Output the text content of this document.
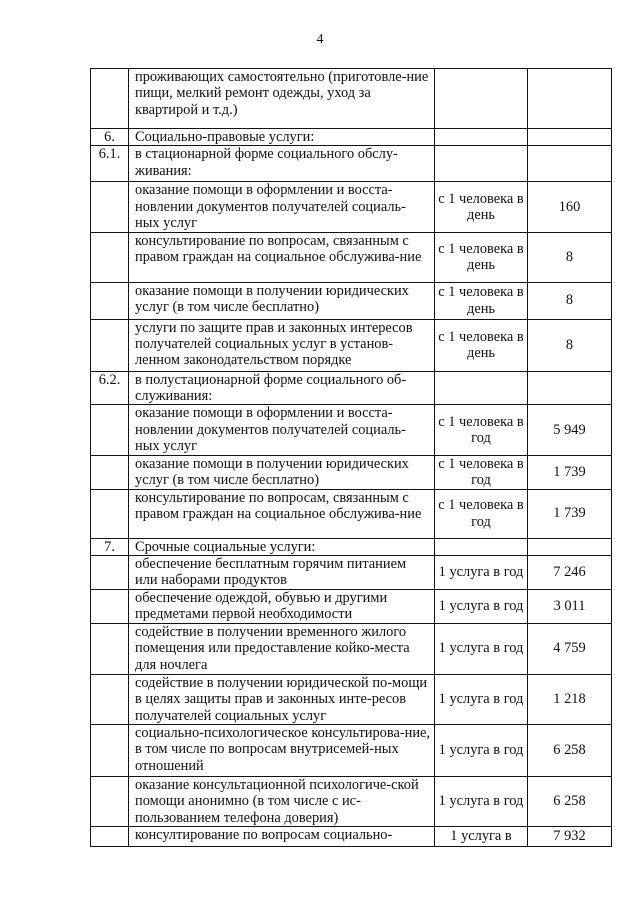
4
	проживающих самостоятельно (приготовле-ние пищи, мелкий ремонт одежды, уход за квартирой и т.д.)		
6.	Социально-правовые услуги:		
6.1.	в стационарной форме социального обслу-живания:		
	оказание помощи в оформлении и восста-новлении документов получателей социаль-ных услуг	с 1 человека в день	160
	консультирование по вопросам, связанным с правом граждан на социальное обслужива-ние	с 1 человека в день	8
	оказание помощи в получении юридических услуг (в том числе бесплатно)	с 1 человека в день	8
	услуги по защите прав и законных интересов получателей социальных услуг в установ-ленном законодательством порядке	с 1 человека в день	8
6.2.	в полустационарной форме социального об-служивания:		
	оказание помощи в оформлении и восста-новлении документов получателей социаль-ных услуг	с 1 человека в год	5 949
	оказание помощи в получении юридических услуг (в том числе бесплатно)	с 1 человека в год	1 739
	консультирование по вопросам, связанным с правом граждан на социальное обслужива-ние	с 1 человека в год	1 739
7.	Срочные социальные услуги:		
	обеспечение бесплатным горячим питанием или наборами продуктов	1 услуга в год	7 246
	обеспечение одеждой, обувью и другими предметами первой необходимости	1 услуга в год	3 011
	содействие в получении временного жилого помещения или предоставление койко-места для ночлега	1 услуга в год	4 759
	содействие в получении юридической по-мощи в целях защиты прав и законных инте-ресов получателей социальных услуг	1 услуга в год	1 218
	социально-психологическое консультирова-ние, в том числе по вопросам внутрисемей-ных отношений	1 услуга в год	6 258
	оказание консультационной психологиче-ской помощи анонимно (в том числе с ис-пользованием телефона доверия)	1 услуга в год	6 258
	консултирование по вопросам социально-	1 услуга в	7 932
